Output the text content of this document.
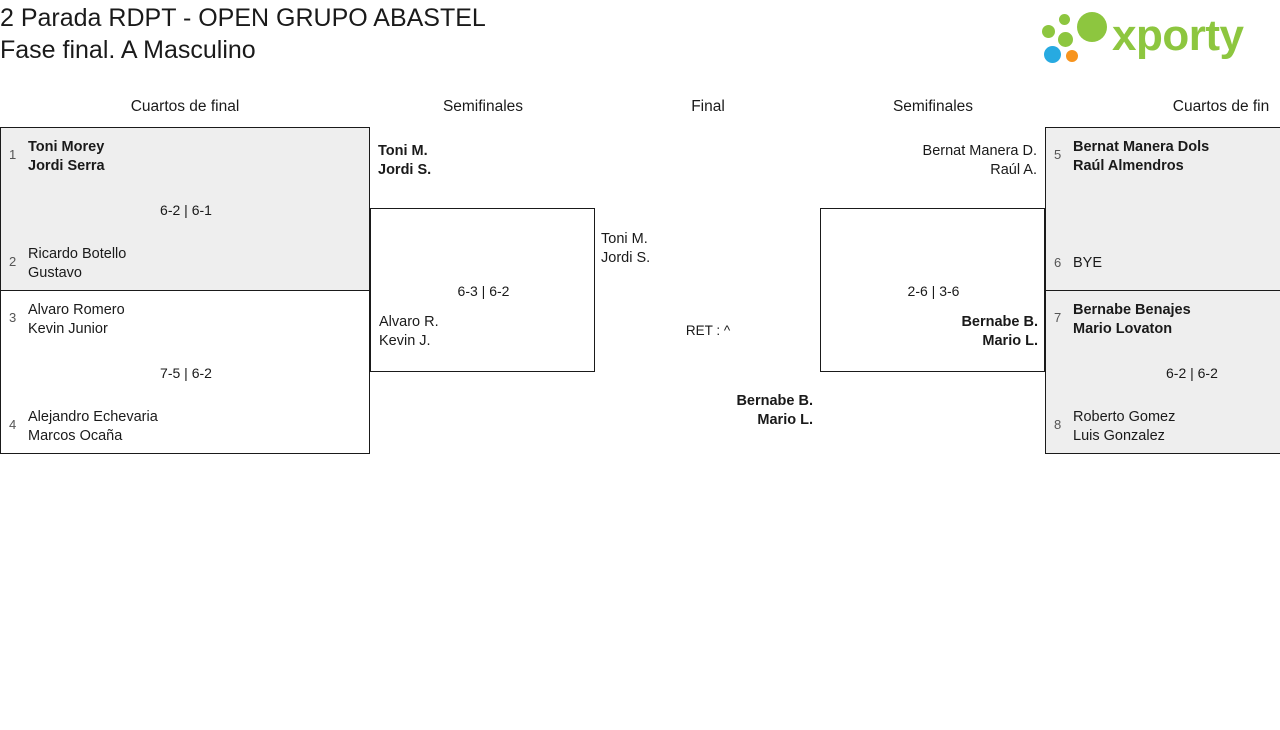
2 Parada RDPT - OPEN GRUPO ABASTEL
Fase final. A Masculino	xporty
Cuartos de final	Semifinales	Final	Semifinales	Cuartos de fin
1 Toni Morey
Jordi Serra
6-2 | 6-1
2 Ricardo Botello
Gustavo
3 Alvaro Romero
Kevin Junior
7-5 | 6-2
4 Alejandro Echevaria
Marcos Ocaña
6-3 | 6-2
Alvaro R.
Kevin J.
Toni M.
Jordi S.
Toni M.
Jordi S.
RET : ^
Bernabe B.
Mario L.
2-6 | 3-6
Bernabe B.
Mario L.
Bernat Manera D.
Raúl A.
5 Bernat Manera Dols
Raúl Almendros
6 BYE
7 Bernabe Benajes
Mario Lovaton
6-2 | 6-2
8 Roberto Gomez
Luis Gonzalez
